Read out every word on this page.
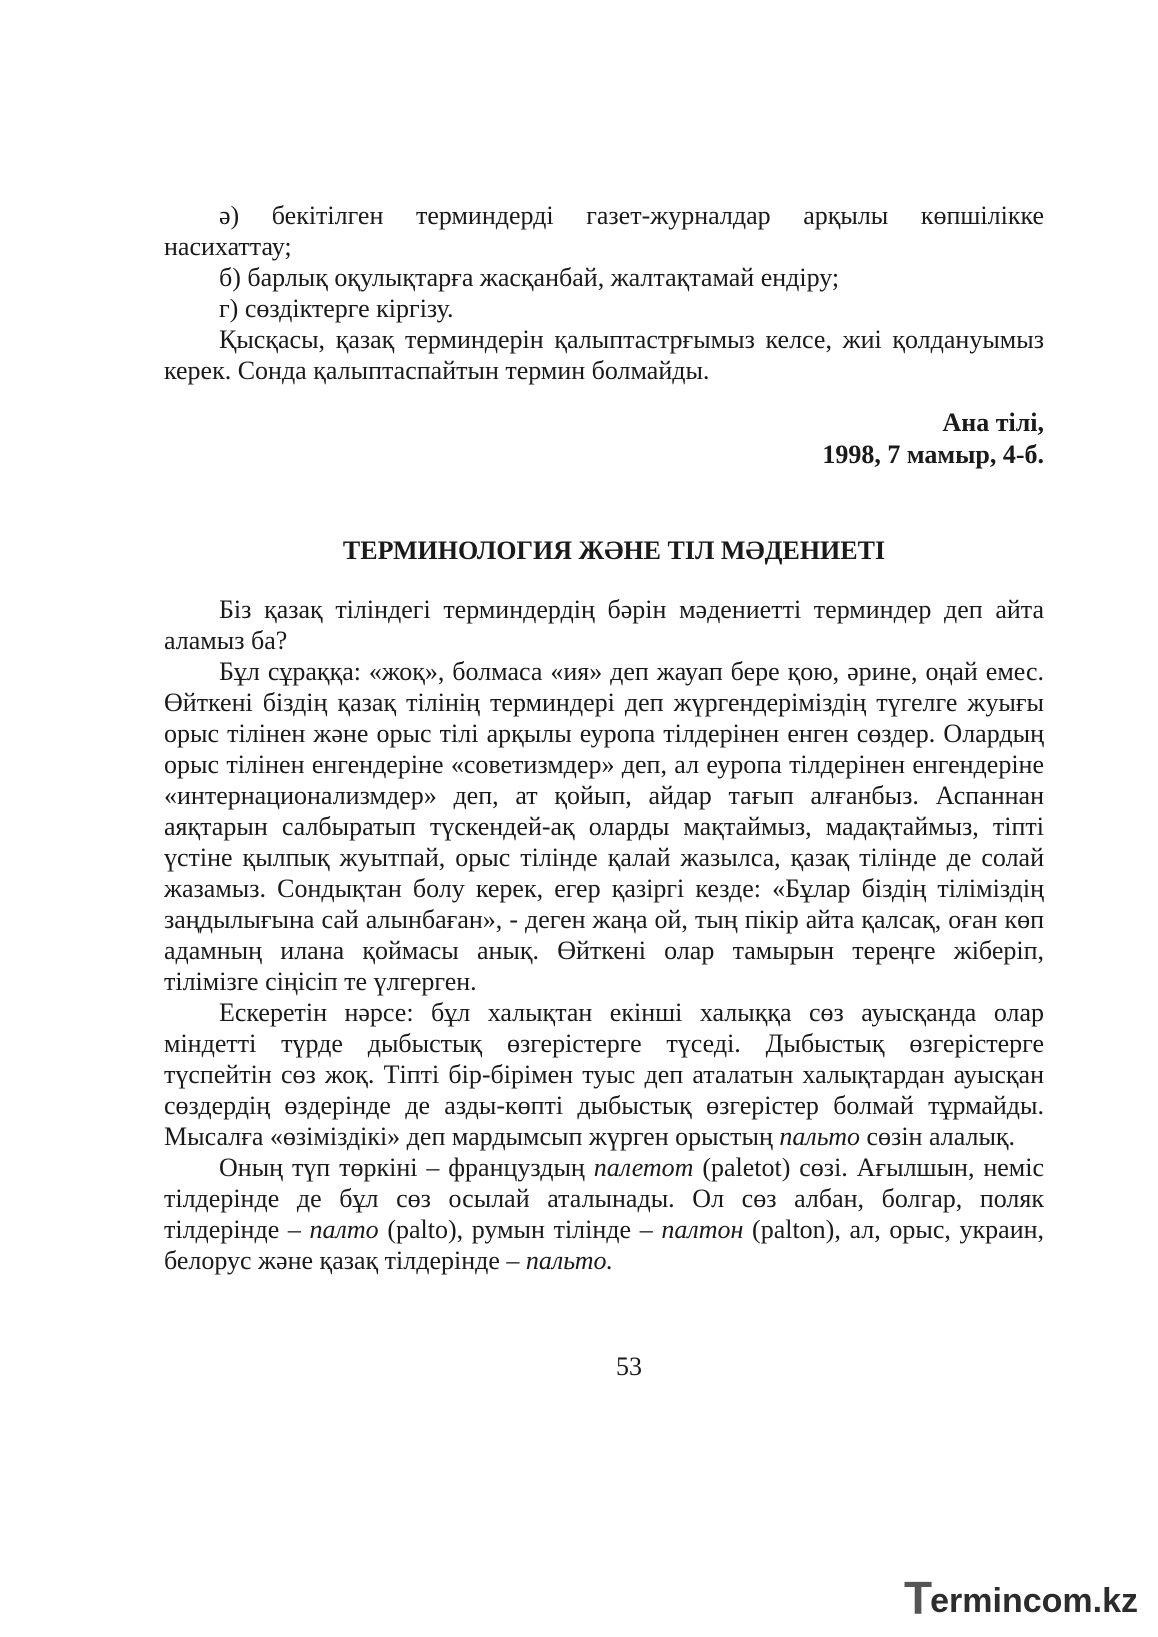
ә) бекітілген терминдерді газет-журналдар арқылы көпшілікке насихаттау;

б) барлық оқулықтарға жасқанбай, жалтақтамай ендіру;

г) сөздіктерге кіргізу.

Қысқасы, қазақ терминдерін қалыптастрғымыз келсе, жиі қолдануымыз керек. Сонда қалыптаспайтын термин болмайды.

Ана тілі,
1998, 7 мамыр, 4-б.
ТЕРМИНОЛОГИЯ ЖӘНЕ ТІЛ МӘДЕНИЕТІ

Біз қазақ тіліндегі терминдердің бәрін мәдениетті терминдер деп айта аламыз ба?

Бұл сұраққа: «жоқ», болмаса «ия» деп жауап бере қою, әрине, оңай емес. Өйткені біздің қазақ тілінің терминдері деп жүргендеріміздің түгелге жуығы орыс тілінен және орыс тілі арқылы еуропа тілдерінен енген сөздер. Олардың орыс тілінен енгендеріне «советизмдер» деп, ал еуропа тілдерінен енгендеріне «интернационализмдер» деп, ат қойып, айдар тағып алғанбыз. Аспаннан аяқтарын салбыратып түскендей-ақ оларды мақтаймыз, мадақтаймыз, тіпті үстіне қылпық жуытпай, орыс тілінде қалай жазылса, қазақ тілінде де солай жазамыз. Сондықтан болу керек, егер қазіргі кезде: «Бұлар біздің тіліміздің заңдылығына сай алынбаған», - деген жаңа ой, тың пікір айта қалсақ, оған көп адамның илана қоймасы анық. Өйткені олар тамырын тереңге жіберіп, тілімізге сіңісіп те үлгерген.

Ескеретін нәрсе: бұл халықтан екінші халыққа сөз ауысқанда олар міндетті түрде дыбыстық өзгерістерге түседі. Дыбыстық өзгерістерге түспейтін сөз жоқ. Тіпті бір-бірімен туыс деп аталатын халықтардан ауысқан сөздердің өздерінде де азды-көпті дыбыстық өзгерістер болмай тұрмайды. Мысалға «өзіміздікі» деп мардымсып жүрген орыстың пальто сөзін алалық.

Оның түп төркіні – француздың палетот (paletot) сөзі. Ағылшын, неміс тілдерінде де бұл сөз осылай аталынады. Ол сөз албан, болгар, поляк тілдерінде – палто (palto), румын тілінде – палтон (palton), ал, орыс, украин, белорус және қазақ тілдерінде – пальто.

53
T
ermincom.kz
